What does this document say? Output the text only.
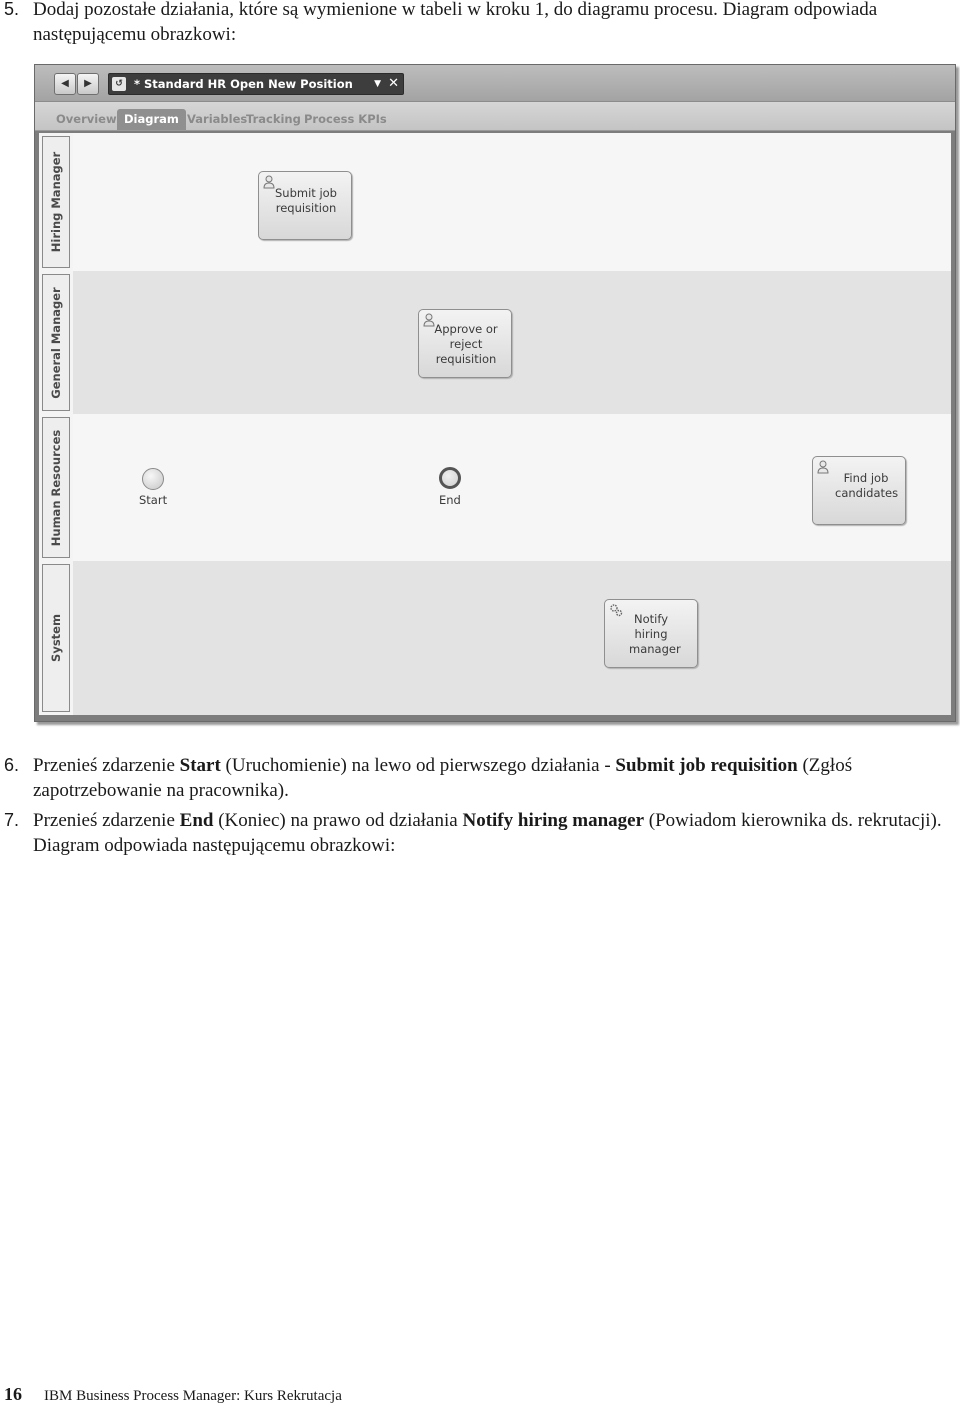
5. Dodaj pozostałe działania, które są wymienione w tabeli w kroku 1, do diagramu procesu. Diagram odpowiada następującemu obrazkowi:
◀	▶	↺ * Standard HR Open New Position ▼ ✕
Overview Diagram Variables
Tracking Process KPIs
Hiring Manager	Submit job requisition
General Manager	Approve or reject requisition
Human Resources	Start	End
Find job candidates
System	Notify hiring manager
6. Przenieś zdarzenie Start (Uruchomienie) na lewo od pierwszego działania - Submit job requisition (Zgłoś zapotrzebowanie na pracownika).
7. Przenieś zdarzenie End (Koniec) na prawo od działania Notify hiring manager (Powiadom kierownika ds. rekrutacji). Diagram odpowiada następującemu obrazkowi:
16 IBM Business Process Manager: Kurs Rekrutacja
